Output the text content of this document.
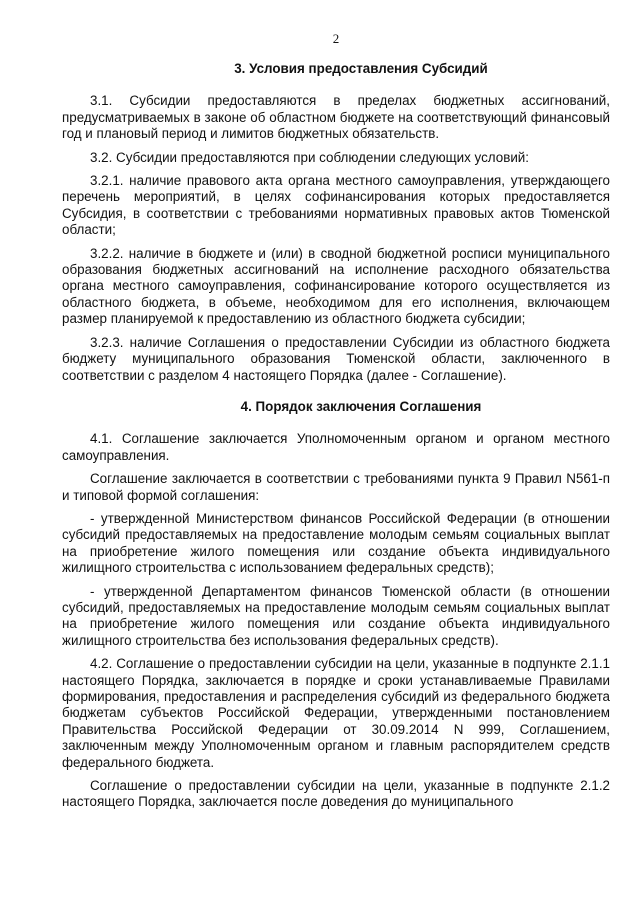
2
3. Условия предоставления Субсидий

3.1. Субсидии предоставляются в пределах бюджетных ассигнований, предусматриваемых в законе об областном бюджете на соответствующий финансовый год и плановый период и лимитов бюджетных обязательств.

3.2. Субсидии предоставляются при соблюдении следующих условий:

3.2.1. наличие правового акта органа местного самоуправления, утверждающего перечень мероприятий, в целях софинансирования которых предоставляется Субсидия, в соответствии с требованиями нормативных правовых актов Тюменской области;

3.2.2. наличие в бюджете и (или) в сводной бюджетной росписи муниципального образования бюджетных ассигнований на исполнение расходного обязательства органа местного самоуправления, софинансирование которого осуществляется из областного бюджета, в объеме, необходимом для его исполнения, включающем размер планируемой к предоставлению из областного бюджета субсидии;

3.2.3. наличие Соглашения о предоставлении Субсидии из областного бюджета бюджету муниципального образования Тюменской области, заключенного в соответствии с разделом 4 настоящего Порядка (далее - Соглашение).

4. Порядок заключения Соглашения

4.1. Соглашение заключается Уполномоченным органом и органом местного самоуправления.

Соглашение заключается в соответствии с требованиями пункта 9 Правил N561-п и типовой формой соглашения:

- утвержденной Министерством финансов Российской Федерации (в отношении субсидий предоставляемых на предоставление молодым семьям социальных выплат на приобретение жилого помещения или создание объекта индивидуального жилищного строительства с использованием федеральных средств);

- утвержденной Департаментом финансов Тюменской области (в отношении субсидий, предоставляемых на предоставление молодым семьям социальных выплат на приобретение жилого помещения или создание объекта индивидуального жилищного строительства без использования федеральных средств).

4.2. Соглашение о предоставлении субсидии на цели, указанные в подпункте 2.1.1 настоящего Порядка, заключается в порядке и сроки устанавливаемые Правилами формирования, предоставления и распределения субсидий из федерального бюджета бюджетам субъектов Российской Федерации, утвержденными постановлением Правительства Российской Федерации от 30.09.2014 N 999, Соглашением, заключенным между Уполномоченным органом и главным распорядителем средств федерального бюджета.

Соглашение о предоставлении субсидии на цели, указанные в подпункте 2.1.2 настоящего Порядка, заключается после доведения до муниципального
